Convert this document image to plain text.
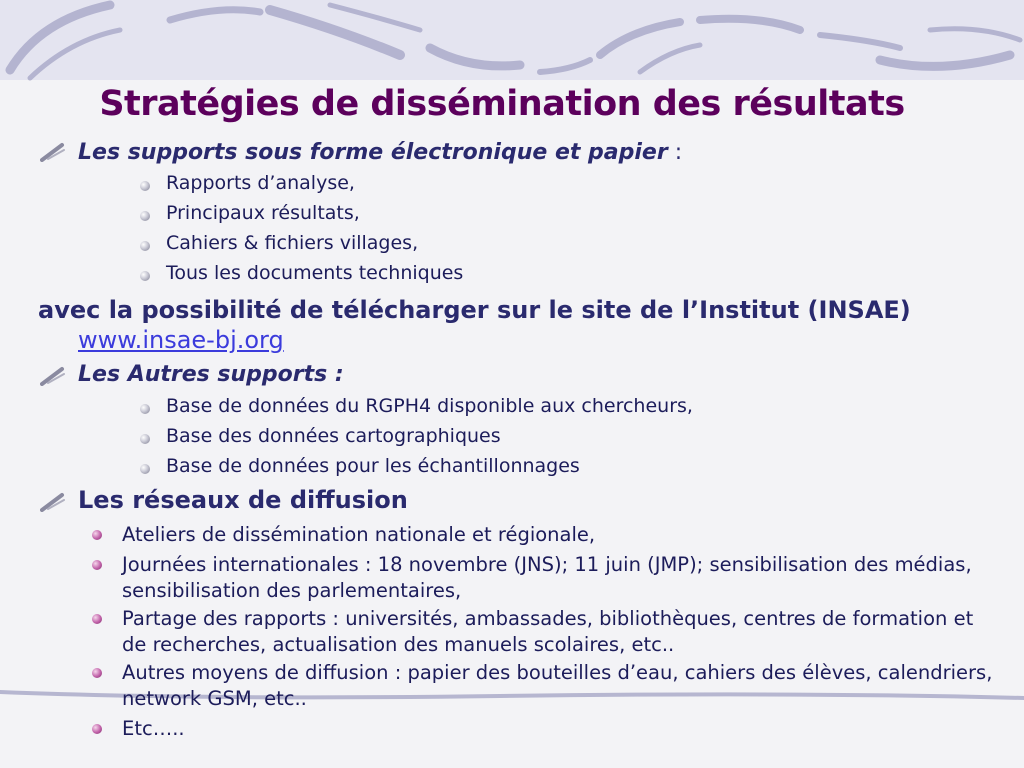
Stratégies de dissémination des résultats
Les supports sous forme électronique et papier :
Rapports d’analyse,
Principaux résultats,
Cahiers & fichiers villages,
Tous les documents techniques
avec la possibilité de télécharger sur le site de l’Institut (INSAE)
www.insae-bj.org
Les Autres supports :
Base de données du RGPH4 disponible aux chercheurs,
Base des données cartographiques
Base de données pour les échantillonnages
Les réseaux de diffusion
Ateliers de dissémination nationale et régionale,
Journées internationales : 18 novembre (JNS); 11 juin (JMP); sensibilisation des médias, sensibilisation des parlementaires,
Partage des rapports : universités, ambassades, bibliothèques, centres de formation et de recherches, actualisation des manuels scolaires, etc..
Autres moyens de diffusion : papier des bouteilles d’eau, cahiers des élèves, calendriers, network GSM, etc..
Etc…..
